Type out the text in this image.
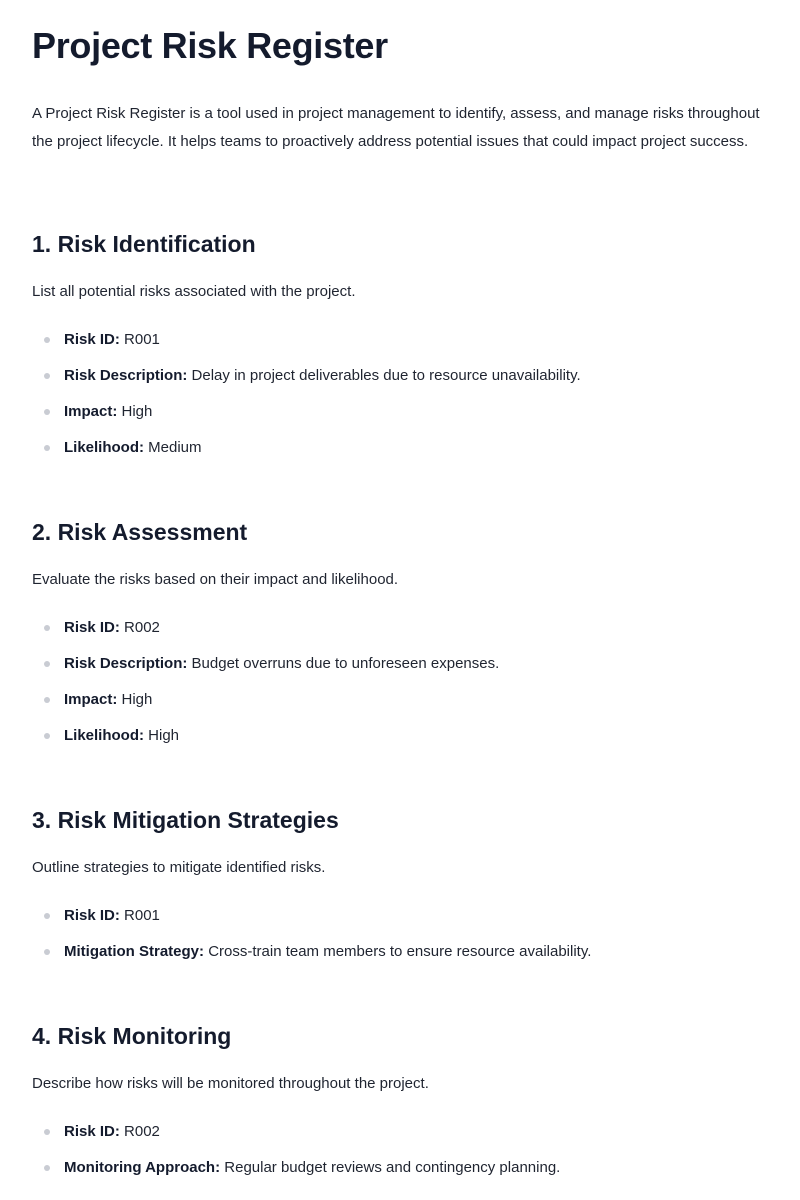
Project Risk Register

A Project Risk Register is a tool used in project management to identify, assess, and manage risks throughout the project lifecycle. It helps teams to proactively address potential issues that could impact project success.

1. Risk Identification

List all potential risks associated with the project.

Risk ID: R001
Risk Description: Delay in project deliverables due to resource unavailability.
Impact: High
Likelihood: Medium
2. Risk Assessment

Evaluate the risks based on their impact and likelihood.

Risk ID: R002
Risk Description: Budget overruns due to unforeseen expenses.
Impact: High
Likelihood: High
3. Risk Mitigation Strategies

Outline strategies to mitigate identified risks.

Risk ID: R001
Mitigation Strategy: Cross-train team members to ensure resource availability.
4. Risk Monitoring

Describe how risks will be monitored throughout the project.

Risk ID: R002
Monitoring Approach: Regular budget reviews and contingency planning.
